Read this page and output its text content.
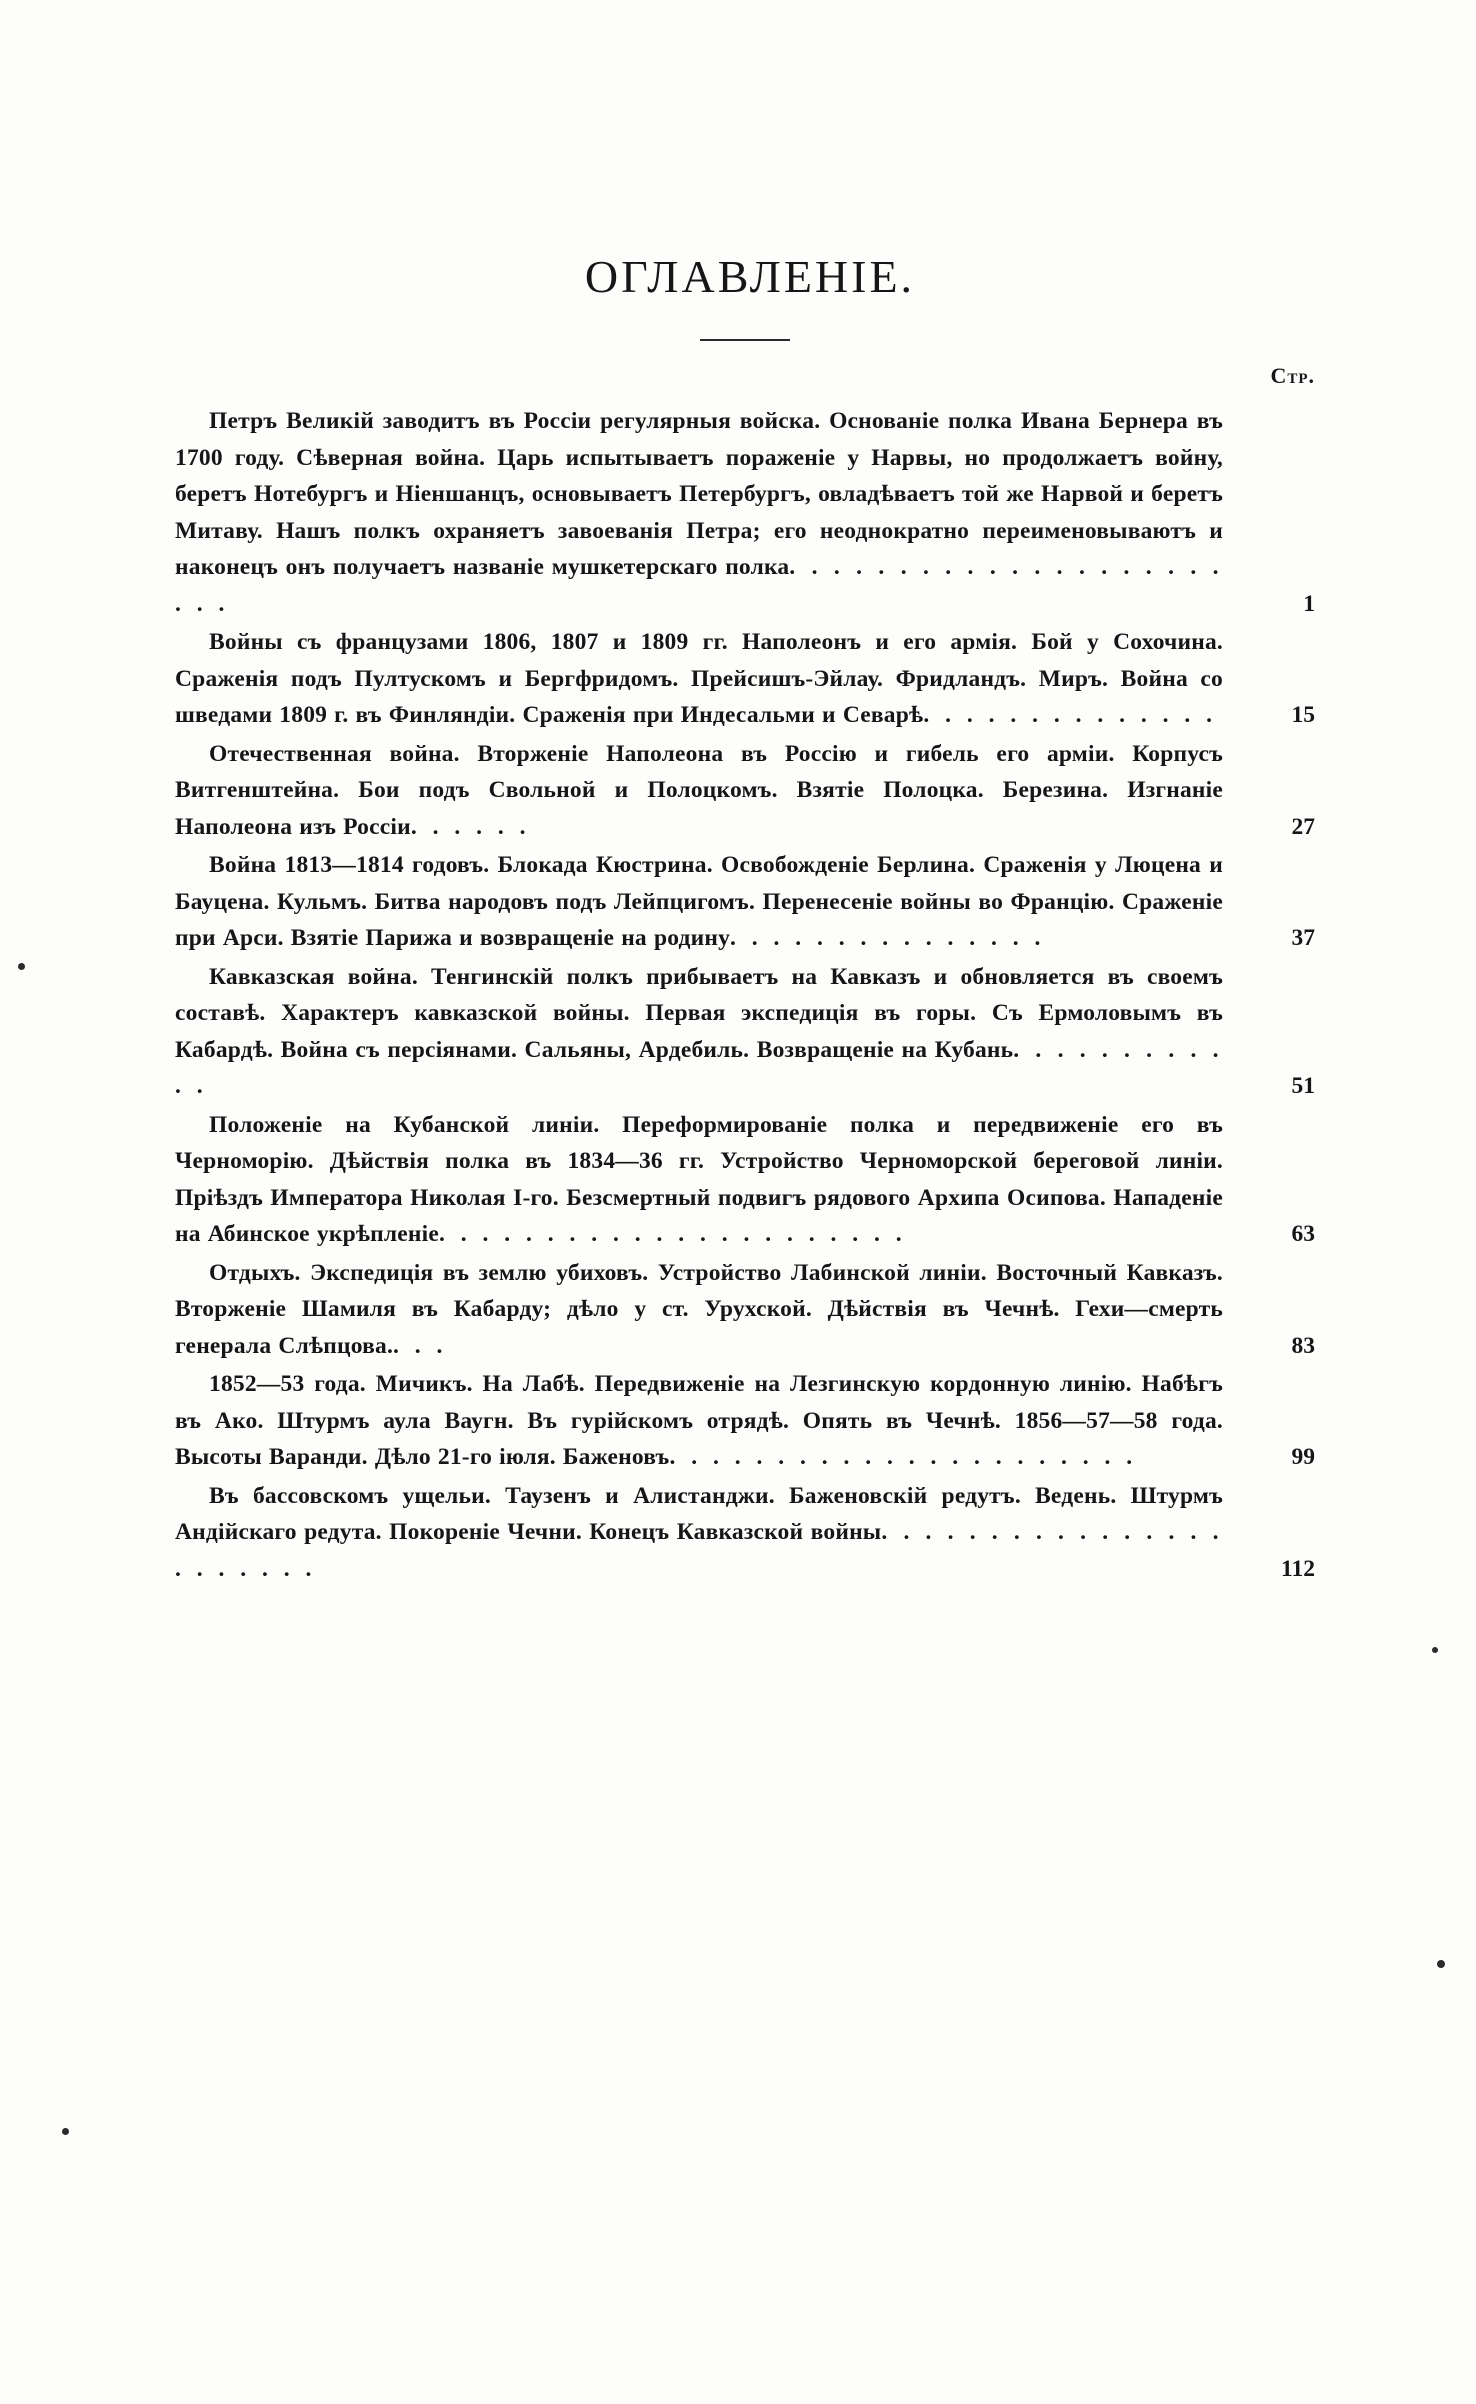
ОГЛАВЛЕНІЕ.
Стр.
Петръ Великій заводитъ въ Россіи регулярныя войска. Основаніе полка Ивана Бернера въ 1700 году. Сѣверная война. Царь испытываетъ пораженіе у Нарвы, но продолжаетъ войну, беретъ Нотебургъ и Ніеншанцъ, основываетъ Петербургъ, овладѣваетъ той же Нарвой и беретъ Митаву. Нашъ полкъ охраняетъ завоеванія Петра; его неоднократно переименовываютъ и наконецъ онъ получаетъ названіе мушкетерскаго полка. . . . . . . . . . . . . . . . . . . . . . .	1
Войны съ французами 1806, 1807 и 1809 гг. Наполеонъ и его армія. Бой у Сохочина. Сраженія подъ Пултускомъ и Бергфридомъ. Прейсишъ-Эйлау. Фридландъ. Миръ. Война со шведами 1809 г. въ Финляндіи. Сраженія при Индесальми и Севарѣ. . . . . . . . . . . . . .	15
Отечественная война. Вторженіе Наполеона въ Россію и гибель его арміи. Корпусъ Витгенштейна. Бои подъ Свольной и Полоцкомъ. Взятіе Полоцка. Березина. Изгнаніе Наполеона изъ Россіи. . . . . .	27
Война 1813—1814 годовъ. Блокада Кюстрина. Освобожденіе Берлина. Сраженія у Люцена и Бауцена. Кульмъ. Битва народовъ подъ Лейпцигомъ. Перенесеніе войны во Францію. Сраженіе при Арси. Взятіе Парижа и возвращеніе на родину. . . . . . . . . . . . . . .	37
Кавказская война. Тенгинскій полкъ прибываетъ на Кавказъ и обновляется въ своемъ составѣ. Характеръ кавказской войны. Первая экспедиція въ горы. Съ Ермоловымъ въ Кабардѣ. Война съ персіянами. Сальяны, Ардебиль. Возвращеніе на Кубань. . . . . . . . . . . .	51
Положеніе на Кубанской линіи. Переформированіе полка и передвиженіе его въ Черноморію. Дѣйствія полка въ 1834—36 гг. Устройство Черноморской береговой линіи. Пріѣздъ Императора Николая I-го. Безсмертный подвигъ рядового Архипа Осипова. Нападеніе на Абинское укрѣпленіе. . . . . . . . . . . . . . . . . . . . . .	63
Отдыхъ. Экспедиція въ землю убиховъ. Устройство Лабинской линіи. Восточный Кавказъ. Вторженіе Шамиля въ Кабарду; дѣло у ст. Урухской. Дѣйствія въ Чечнѣ. Гехи—смерть генерала Слѣпцова.. . .	83
1852—53 года. Мичикъ. На Лабѣ. Передвиженіе на Лезгинскую кордонную линію. Набѣгъ въ Ако. Штурмъ аула Ваугн. Въ гурійскомъ отрядѣ. Опять въ Чечнѣ. 1856—57—58 года. Высоты Варанди. Дѣло 21-го іюля. Баженовъ. . . . . . . . . . . . . . . . . . . . . .	99
Въ бассовскомъ ущельи. Таузенъ и Алистанджи. Баженовскій редутъ. Ведень. Штурмъ Андійскаго редута. Покореніе Чечни. Конецъ Кавказской войны. . . . . . . . . . . . . . . . . . . . . . .	112
